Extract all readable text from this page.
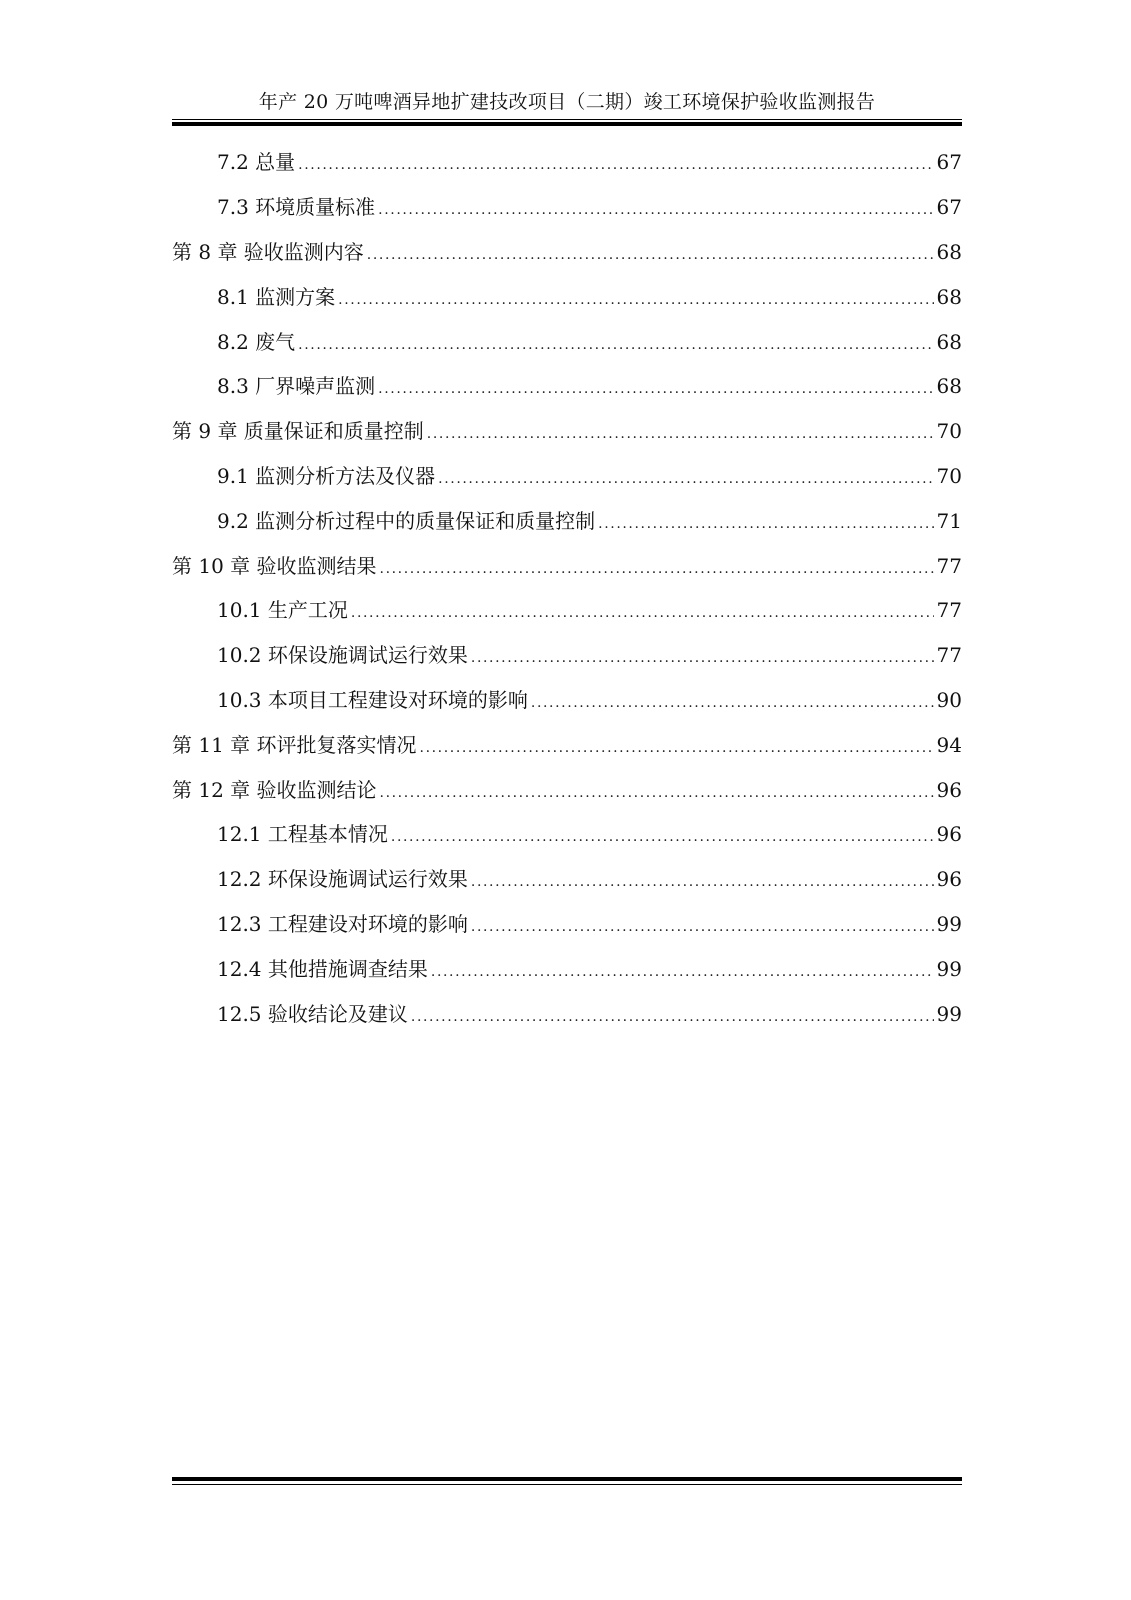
年产 20 万吨啤酒异地扩建技改项目（二期）竣工环境保护验收监测报告
7.2 总量 .....	67
7.3 环境质量标准 .....	67
第 8 章 验收监测内容 .....	68
8.1 监测方案 .....	68
8.2 废气 .....	68
8.3 厂界噪声监测 .....	68
第 9 章 质量保证和质量控制 .....	70
9.1 监测分析方法及仪器 .....	70
9.2 监测分析过程中的质量保证和质量控制 .....	71
第 10 章 验收监测结果 .....	77
10.1 生产工况 .....	77
10.2 环保设施调试运行效果 .....	77
10.3 本项目工程建设对环境的影响 .....	90
第 11 章 环评批复落实情况 .....	94
第 12 章 验收监测结论 .....	96
12.1 工程基本情况 .....	96
12.2 环保设施调试运行效果 .....	96
12.3 工程建设对环境的影响 .....	99
12.4 其他措施调查结果 .....	99
12.5 验收结论及建议 .....	99
